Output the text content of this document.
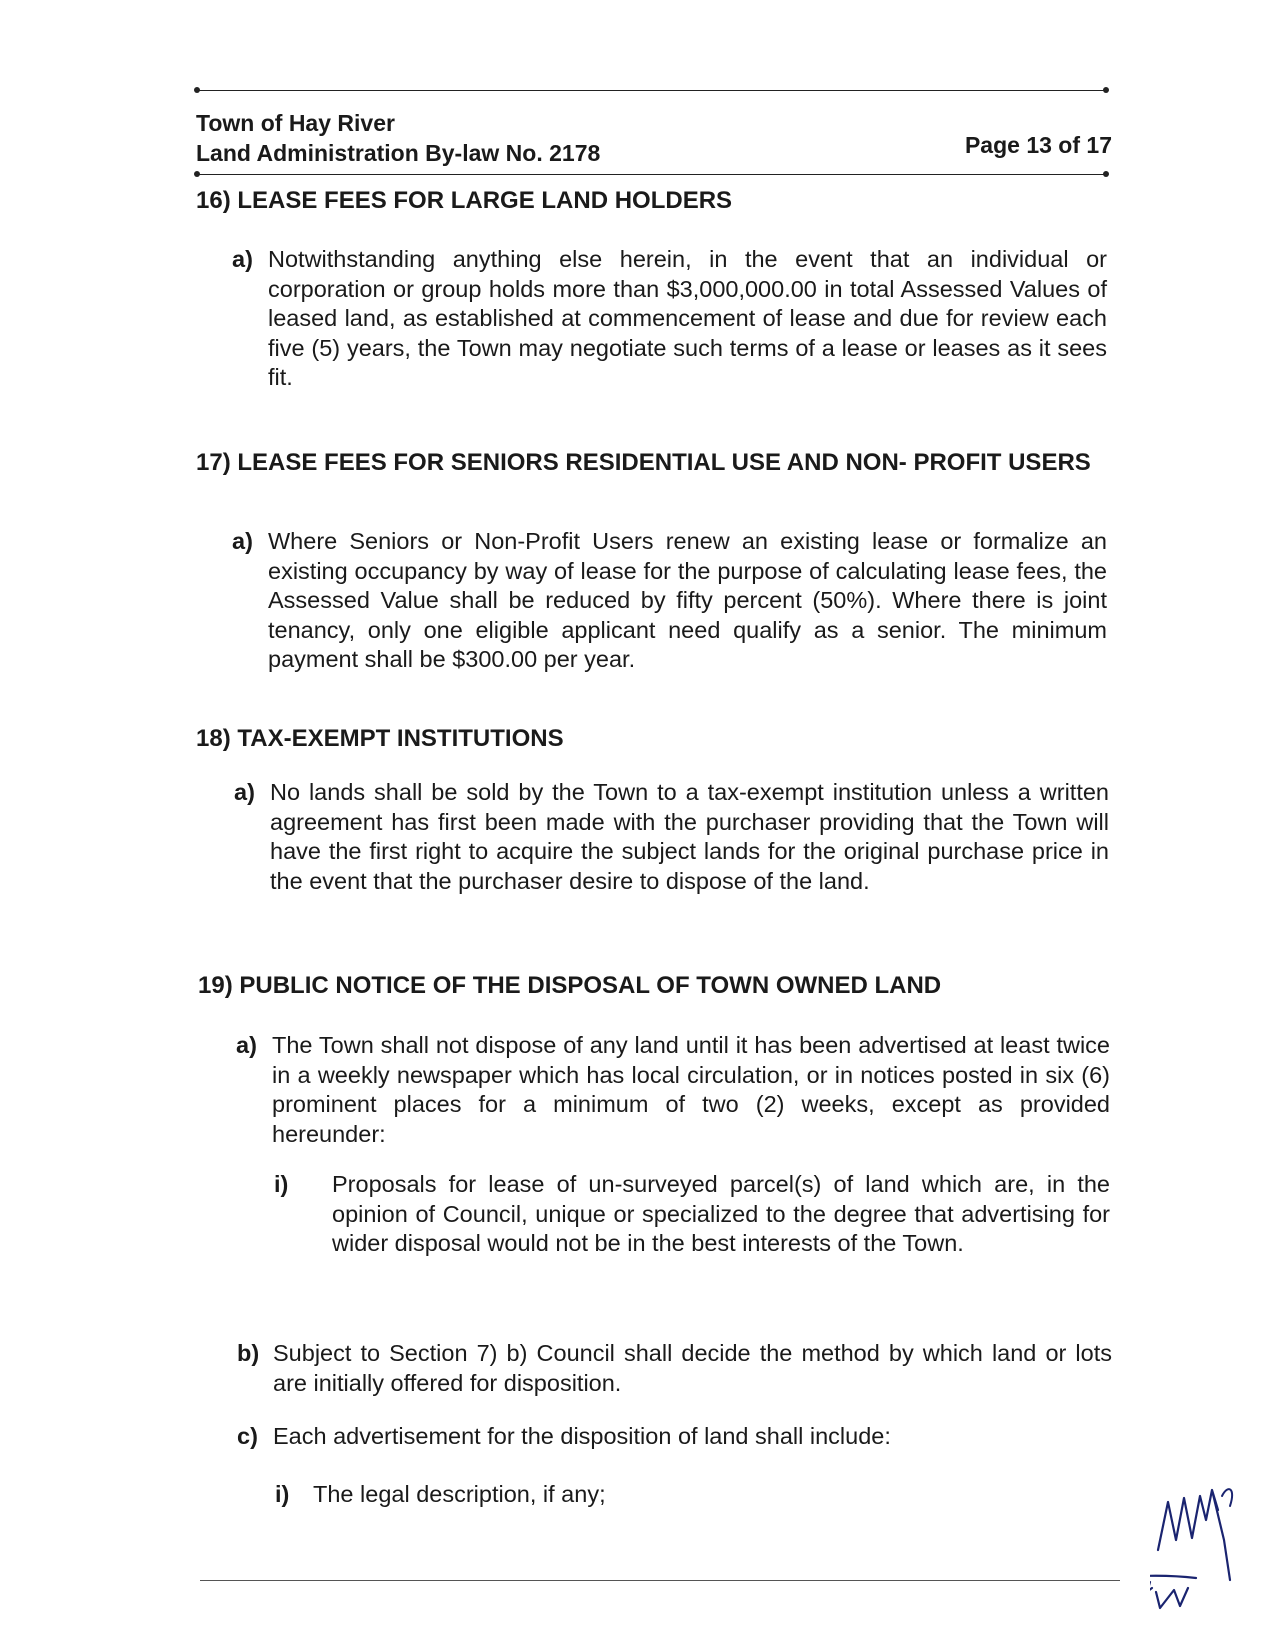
Town of Hay River
Land Administration By-law No. 2178	Page 13 of 17
16) LEASE FEES FOR LARGE LAND HOLDERS
a) Notwithstanding anything else herein, in the event that an individual or corporation or group holds more than $3,000,000.00 in total Assessed Values of leased land, as established at commencement of lease and due for review each five (5) years, the Town may negotiate such terms of a lease or leases as it sees fit.
17) LEASE FEES FOR SENIORS RESIDENTIAL USE AND NON- PROFIT USERS
a) Where Seniors or Non-Profit Users renew an existing lease or formalize an existing occupancy by way of lease for the purpose of calculating lease fees, the Assessed Value shall be reduced by fifty percent (50%). Where there is joint tenancy, only one eligible applicant need qualify as a senior. The minimum payment shall be $300.00 per year.
18) TAX-EXEMPT INSTITUTIONS
a) No lands shall be sold by the Town to a tax-exempt institution unless a written agreement has first been made with the purchaser providing that the Town will have the first right to acquire the subject lands for the original purchase price in the event that the purchaser desire to dispose of the land.
19) PUBLIC NOTICE OF THE DISPOSAL OF TOWN OWNED LAND
a) The Town shall not dispose of any land until it has been advertised at least twice in a weekly newspaper which has local circulation, or in notices posted in six (6) prominent places for a minimum of two (2) weeks, except as provided hereunder:
i) Proposals for lease of un-surveyed parcel(s) of land which are, in the opinion of Council, unique or specialized to the degree that advertising for wider disposal would not be in the best interests of the Town.
b) Subject to Section 7) b) Council shall decide the method by which land or lots are initially offered for disposition.
c) Each advertisement for the disposition of land shall include:
i) The legal description, if any;
